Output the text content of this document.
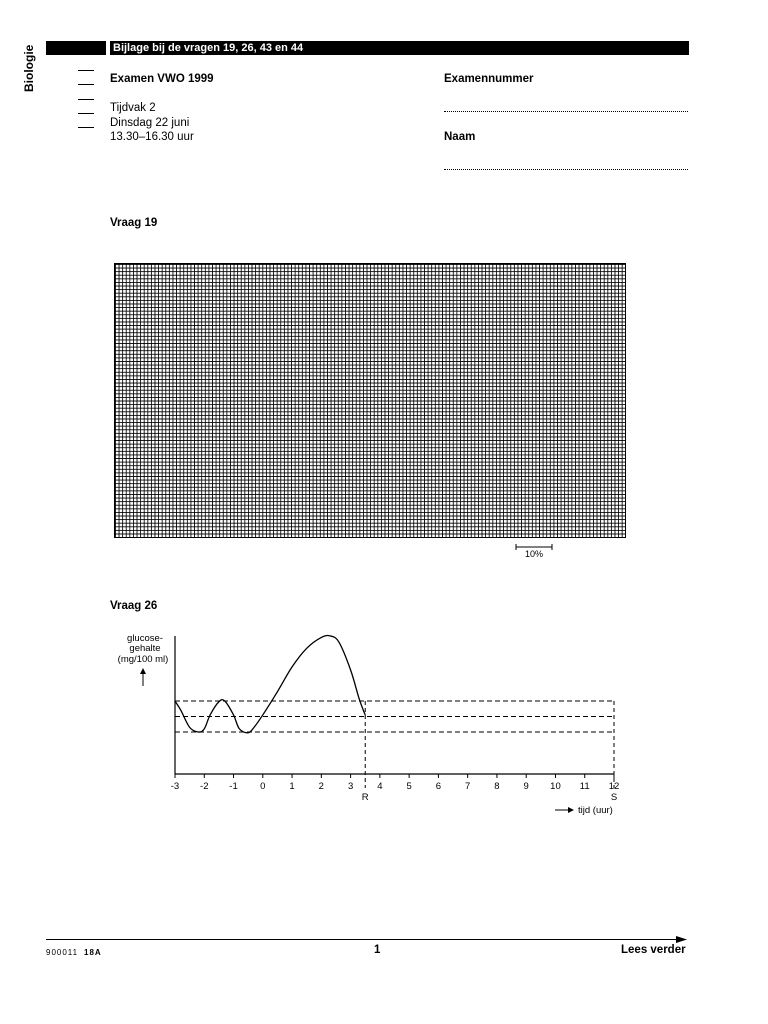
Bijlage bij de vragen 19, 26, 43 en 44
Biologie	Examen VWO 1999
Tijdvak 2
Dinsdag 22 juni
13.30–16.30 uur
Examennummer
Naam
Vraag 19
10%
Vraag 26
glucose-
gehalte
(mg/100 ml)
-3 -2 -1 0	1	2	3	4	5	6	7	8	9 10 11 12
R	S
tijd (uur)
900011 18A	1	Lees verder
